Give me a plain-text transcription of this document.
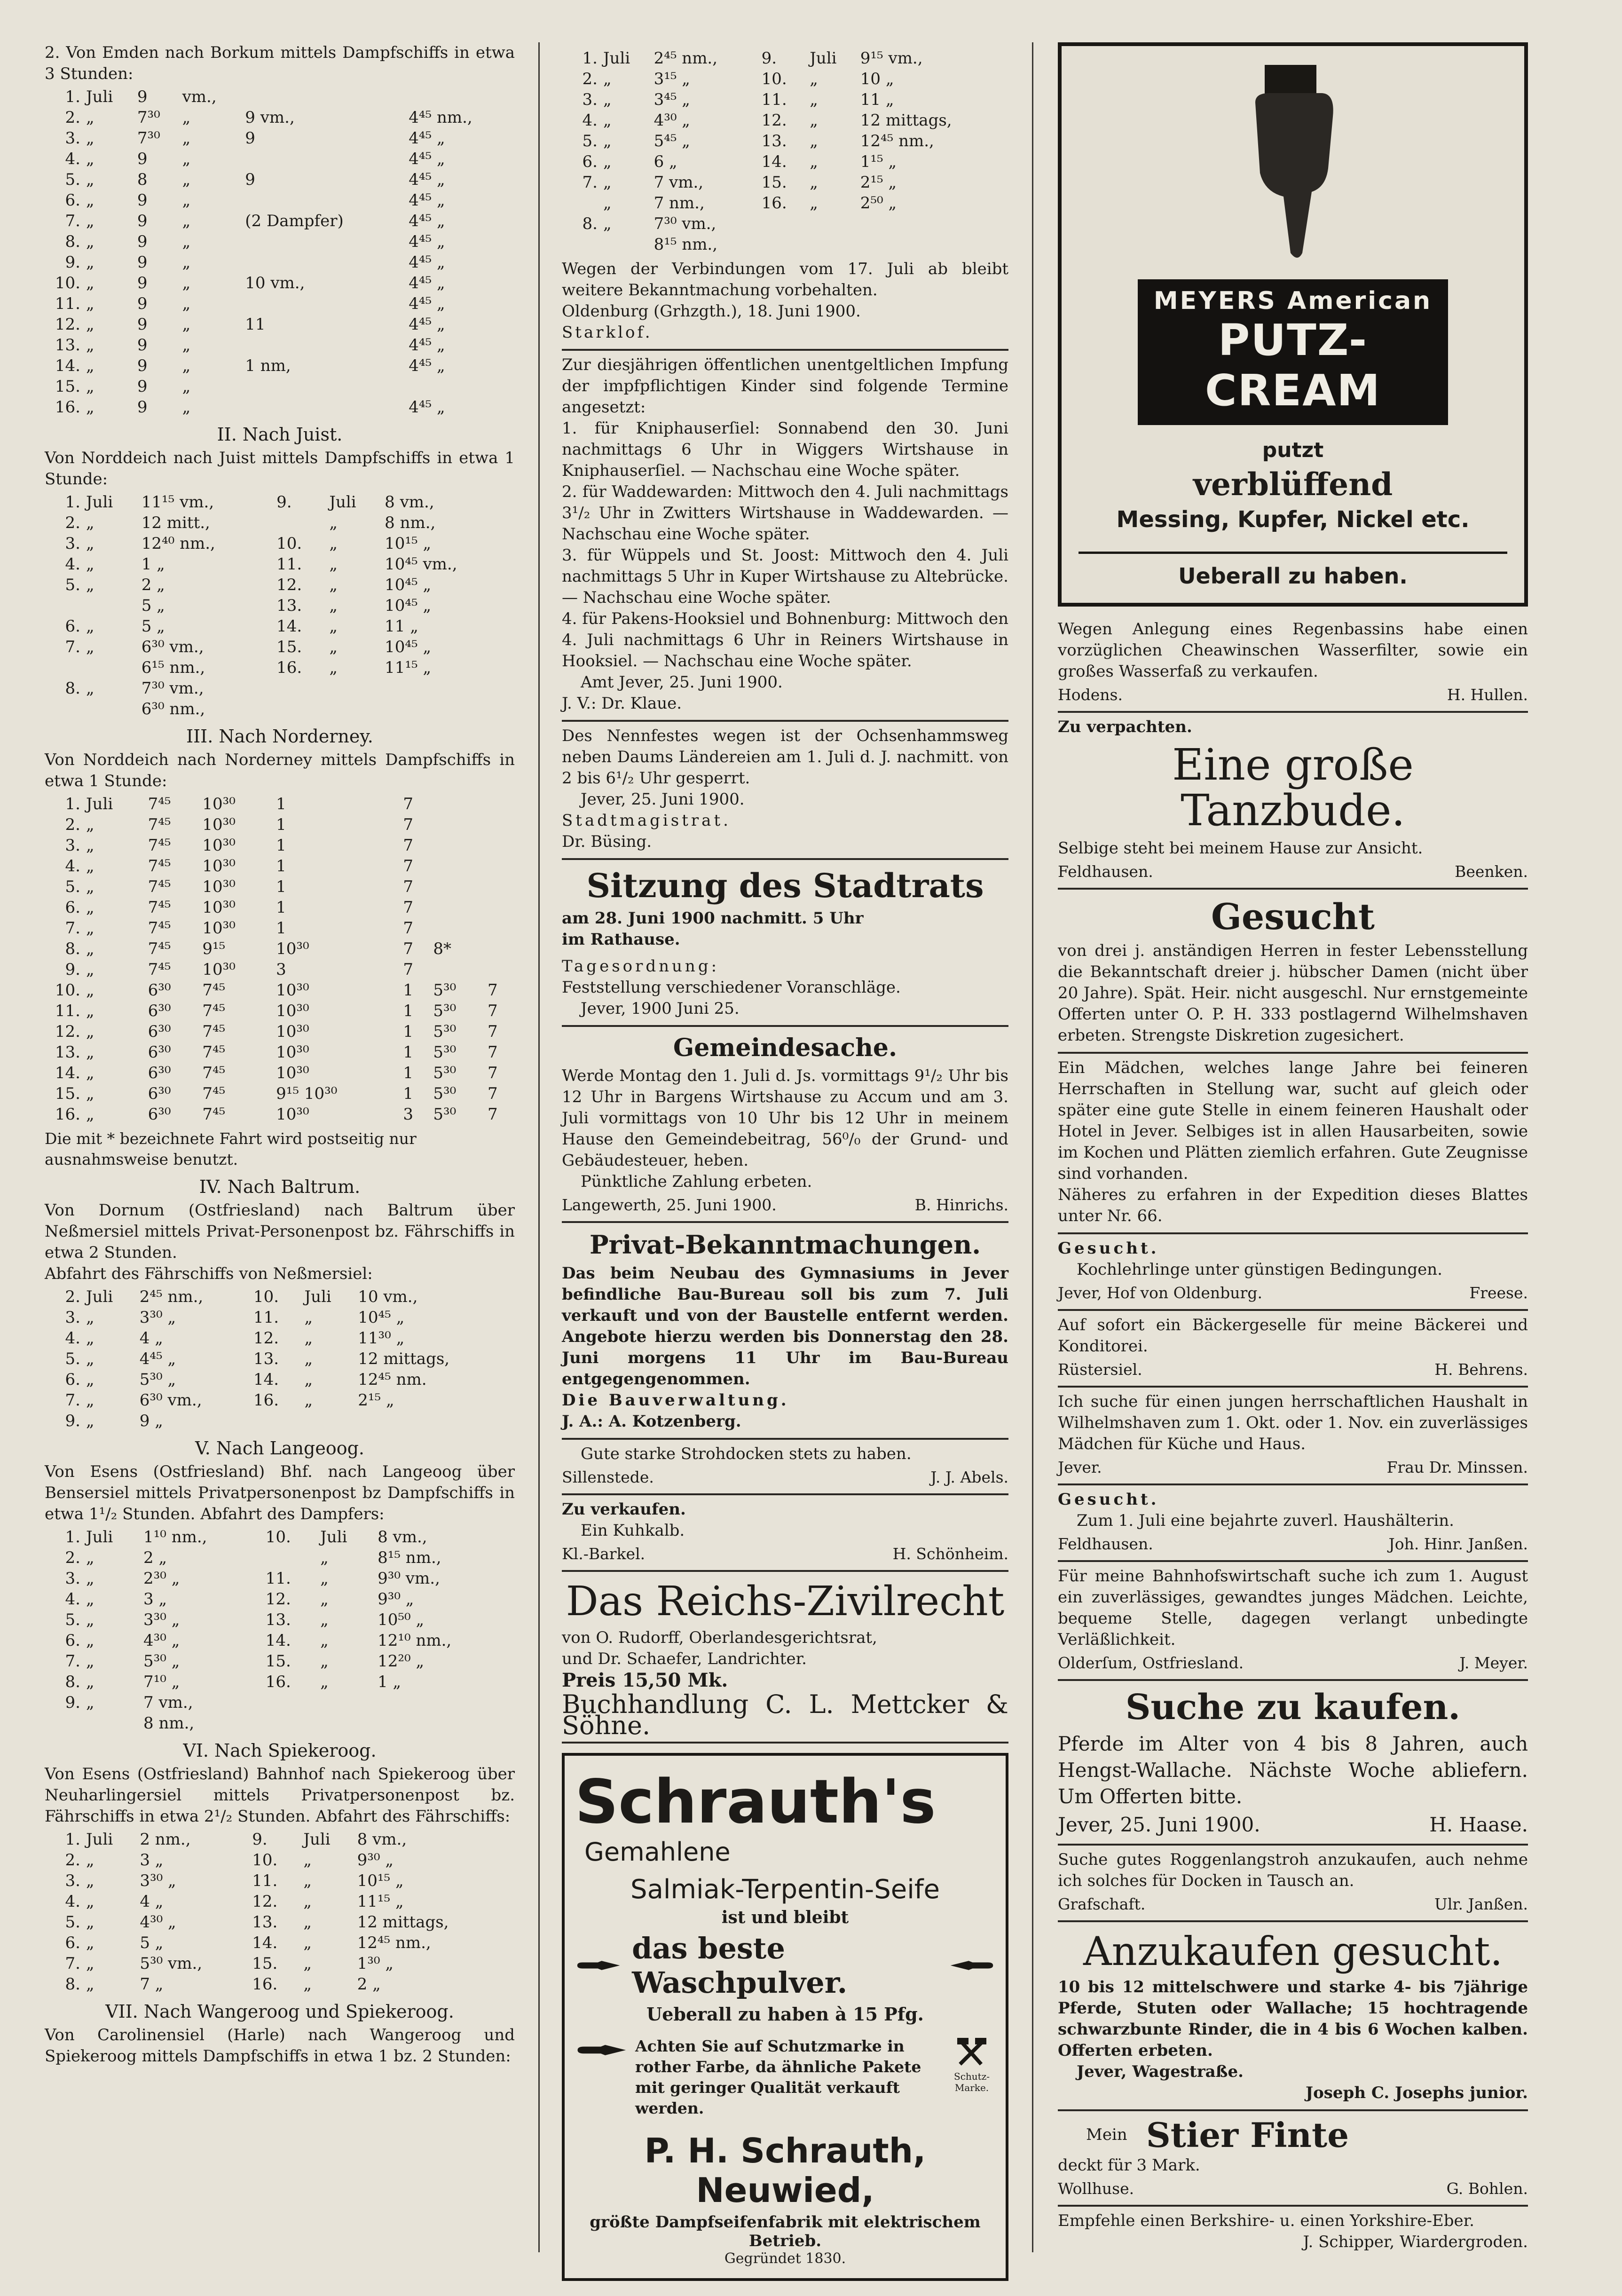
2. Von Emden nach Borkum mittels Dampfschiffs in etwa 3 Stunden:

1.	Juli	9	vm.,		
2.	„	7³⁰	„	9 vm.,	4⁴⁵ nm.,
3.	„	7³⁰	„	9	4⁴⁵ „
4.	„	9	„		4⁴⁵ „
5.	„	8	„	9	4⁴⁵ „
6.	„	9	„		4⁴⁵ „
7.	„	9	„	(2 Dampfer)	4⁴⁵ „
8.	„	9	„		4⁴⁵ „
9.	„	9	„		4⁴⁵ „
10.	„	9	„	10 vm.,	4⁴⁵ „
11.	„	9	„		4⁴⁵ „
12.	„	9	„	11	4⁴⁵ „
13.	„	9	„		4⁴⁵ „
14.	„	9	„	1 nm,	4⁴⁵ „
15.	„	9	„		
16.	„	9	„		4⁴⁵ „
II. Nach Juist.

Von Norddeich nach Juist mittels Dampfschiffs in etwa 1 Stunde:

1.	Juli	11¹⁵ vm.,	9.	Juli	8 vm.,
2.	„	12 mitt.,		„	8 nm.,
3.	„	12⁴⁰ nm.,	10.	„	10¹⁵ „
4.	„	1 „	11.	„	10⁴⁵ vm.,
5.	„	2 „	12.	„	10⁴⁵ „
		5 „	13.	„	10⁴⁵ „
6.	„	5 „	14.	„	11 „
7.	„	6³⁰ vm.,	15.	„	10⁴⁵ „
		6¹⁵ nm.,	16.	„	11¹⁵ „
8.	„	7³⁰ vm.,			
		6³⁰ nm.,			
III. Nach Norderney.

Von Norddeich nach Norderney mittels Dampfschiffs in etwa 1 Stunde:

1.	Juli	7⁴⁵	10³⁰	1	7		
2.	„	7⁴⁵	10³⁰	1	7		
3.	„	7⁴⁵	10³⁰	1	7		
4.	„	7⁴⁵	10³⁰	1	7		
5.	„	7⁴⁵	10³⁰	1	7		
6.	„	7⁴⁵	10³⁰	1	7		
7.	„	7⁴⁵	10³⁰	1	7		
8.	„	7⁴⁵	9¹⁵	10³⁰	7	8*	
9.	„	7⁴⁵	10³⁰	3	7		
10.	„	6³⁰	7⁴⁵	10³⁰	1	5³⁰	7
11.	„	6³⁰	7⁴⁵	10³⁰	1	5³⁰	7
12.	„	6³⁰	7⁴⁵	10³⁰	1	5³⁰	7
13.	„	6³⁰	7⁴⁵	10³⁰	1	5³⁰	7
14.	„	6³⁰	7⁴⁵	10³⁰	1	5³⁰	7
15.	„	6³⁰	7⁴⁵	9¹⁵ 10³⁰	1	5³⁰	7
16.	„	6³⁰	7⁴⁵	10³⁰	3	5³⁰	7

Die mit * bezeichnete Fahrt wird postseitig nur ausnahmsweise benutzt.

IV. Nach Baltrum.

Von Dornum (Ostfriesland) nach Baltrum über Neßmersiel mittels Privat-Personenpost bz. Fährschiffs in etwa 2 Stunden.

Abfahrt des Fährschiffs von Neßmersiel:

2.	Juli	2⁴⁵ nm.,	10.	Juli	10 vm.,
3.	„	3³⁰ „	11.	„	10⁴⁵ „
4.	„	4 „	12.	„	11³⁰ „
5.	„	4⁴⁵ „	13.	„	12 mittags,
6.	„	5³⁰ „	14.	„	12⁴⁵ nm.
7.	„	6³⁰ vm.,	16.	„	2¹⁵ „
9.	„	9 „			
V. Nach Langeoog.

Von Esens (Ostfriesland) Bhf. nach Langeoog über Bensersiel mittels Privatpersonenpost bz Dampfschiffs in etwa 1¹/₂ Stunden. Abfahrt des Dampfers:

1.	Juli	1¹⁰ nm.,	10.	Juli	8 vm.,
2.	„	2 „		„	8¹⁵ nm.,
3.	„	2³⁰ „	11.	„	9³⁰ vm.,
4.	„	3 „	12.	„	9³⁰ „
5.	„	3³⁰ „	13.	„	10⁵⁰ „
6.	„	4³⁰ „	14.	„	12¹⁰ nm.,
7.	„	5³⁰ „	15.	„	12²⁰ „
8.	„	7¹⁰ „	16.	„	1 „
9.	„	7 vm.,			
		8 nm.,			
VI. Nach Spiekeroog.

Von Esens (Ostfriesland) Bahnhof nach Spiekeroog über Neuharlingersiel mittels Privatpersonenpost bz. Fährschiffs in etwa 2¹/₂ Stunden. Abfahrt des Fährschiffs:

1.	Juli	2 nm.,	9.	Juli	8 vm.,
2.	„	3 „	10.	„	9³⁰ „
3.	„	3³⁰ „	11.	„	10¹⁵ „
4.	„	4 „	12.	„	11¹⁵ „
5.	„	4³⁰ „	13.	„	12 mittags,
6.	„	5 „	14.	„	12⁴⁵ nm.,
7.	„	5³⁰ vm.,	15.	„	1³⁰ „
8.	„	7 „	16.	„	2 „
VII. Nach Wangeroog und Spiekeroog.

Von Carolinensiel (Harle) nach Wangeroog und Spiekeroog mittels Dampfschiffs in etwa 1 bz. 2 Stunden:

1.	Juli	2⁴⁵ nm.,	9.	Juli	9¹⁵ vm.,
2.	„	3¹⁵ „	10.	„	10 „
3.	„	3⁴⁵ „	11.	„	11 „
4.	„	4³⁰ „	12.	„	12 mittags,
5.	„	5⁴⁵ „	13.	„	12⁴⁵ nm.,
6.	„	6 „	14.	„	1¹⁵ „
7.	„	7 vm.,	15.	„	2¹⁵ „
	„	7 nm.,	16.	„	2⁵⁰ „
8.	„	7³⁰ vm.,			
		8¹⁵ nm.,			

Wegen der Verbindungen vom 17. Juli ab bleibt weitere Bekanntmachung vorbehalten.

Oldenburg (Grhzgth.), 18. Juni 1900.

Starklof.

Zur diesjährigen öffentlichen unentgeltlichen Impfung der impfpflichtigen Kinder sind folgende Termine angesetzt:

1. für Kniphauserſiel: Sonnabend den 30. Juni nachmittags 6 Uhr in Wiggers Wirtshause in Kniphauserſiel. — Nachschau eine Woche später.

2. für Waddewarden: Mittwoch den 4. Juli nachmittags 3¹/₂ Uhr in Zwitters Wirtshause in Waddewarden. — Nachschau eine Woche später.

3. für Wüppels und St. Joost: Mittwoch den 4. Juli nachmittags 5 Uhr in Kuper Wirtshause zu Altebrücke. — Nachschau eine Woche später.

4. für Pakens-Hooksiel und Bohnenburg: Mittwoch den 4. Juli nachmittags 6 Uhr in Reiners Wirtshause in Hooksiel. — Nachschau eine Woche später.

Amt Jever, 25. Juni 1900.

J. V.: Dr. Klaue.

Des Nennfestes wegen ist der Ochsenhammsweg neben Daums Ländereien am 1. Juli d. J. nachmitt. von 2 bis 6¹/₂ Uhr gesperrt.

Jever, 25. Juni 1900.

Stadtmagistrat.

Dr. Büsing.

Sitzung des Stadtrats

am 28. Juni 1900 nachmitt. 5 Uhr

im Rathause.

Tagesordnung:

Feststellung verschiedener Voranschläge.

Jever, 1900 Juni 25.

Gemeindesache.

Werde Montag den 1. Juli d. Js. vormittags 9¹/₂ Uhr bis 12 Uhr in Bargens Wirtshause zu Accum und am 3. Juli vormittags von 10 Uhr bis 12 Uhr in meinem Hause den Gemeindebeitrag, 56⁰/₀ der Grund- und Gebäudesteuer, heben.

Pünktliche Zahlung erbeten.

Langewerth, 25. Juni 1900.	B. Hinrichs.
Privat-Bekanntmachungen.

Das beim Neubau des Gymnasiums in Jever befindliche Bau-Bureau soll bis zum 7. Juli verkauft und von der Baustelle entfernt werden. Angebote hierzu werden bis Donnerstag den 28. Juni morgens 11 Uhr im Bau-Bureau entgegengenommen.

Die Bauverwaltung.

J. A.: A. Kotzenberg.

Gute starke Strohdocken stets zu haben.

Sillenstede.	J. J. Abels.

Zu verkaufen.

Ein Kuhkalb.

Kl.-Barkel.	H. Schönheim.
Das Reichs-Zivilrecht

von O. Rudorff, Oberlandesgerichtsrat,

und Dr. Schaefer, Landrichter.

Preis 15,50 Mk.

Buchhandlung C. L. Mettcker & Söhne.

Schrauth's Gemahlene
Salmiak-Terpentin-Seife

ist und bleibt

das beste Waschpulver.

Ueberall zu haben à 15 Pfg.

Achten Sie auf Schutzmarke in rother Farbe, da ähnliche Pakete mit geringer Qualität verkauft werden.

Schutz-Marke.
P. H. Schrauth, Neuwied,

größte Dampfseifenfabrik mit elektrischem Betrieb.

Gegründet 1830.

MEYERS American
PUTZ-CREAM
putzt
verblüffend
Messing, Kupfer, Nickel etc.
Ueberall zu haben.

Wegen Anlegung eines Regenbassins habe einen vorzüglichen Cheawinschen Wasserfilter, sowie ein großes Wasserfaß zu verkaufen.

Hodens.	H. Hullen.

Zu verpachten.

Eine große Tanzbude.

Selbige steht bei meinem Hause zur Ansicht.

Feldhausen.	Beenken.
Gesucht

von drei j. anständigen Herren in fester Lebensstellung die Bekanntschaft dreier j. hübscher Damen (nicht über 20 Jahre). Spät. Heir. nicht ausgeschl. Nur ernstgemeinte Offerten unter O. P. H. 333 postlagernd Wilhelmshaven erbeten. Strengste Diskretion zugesichert.

Ein Mädchen, welches lange Jahre bei feineren Herrschaften in Stellung war, sucht auf gleich oder später eine gute Stelle in einem feineren Haushalt oder Hotel in Jever. Selbiges ist in allen Hausarbeiten, sowie im Kochen und Plätten ziemlich erfahren. Gute Zeugnisse sind vorhanden.

Näheres zu erfahren in der Expedition dieses Blattes unter Nr. 66.

Gesucht.

Kochlehrlinge unter günstigen Bedingungen.

Jever, Hof von Oldenburg.	Freese.

Auf sofort ein Bäckergeselle für meine Bäckerei und Konditorei.

Rüstersiel.	H. Behrens.

Ich suche für einen jungen herrschaftlichen Haushalt in Wilhelmshaven zum 1. Okt. oder 1. Nov. ein zuverlässiges Mädchen für Küche und Haus.

Jever.	Frau Dr. Minssen.

Gesucht.

Zum 1. Juli eine bejahrte zuverl. Haushälterin.

Feldhausen.	Joh. Hinr. Janßen.

Für meine Bahnhofswirtschaft suche ich zum 1. August ein zuverlässiges, gewandtes junges Mädchen. Leichte, bequeme Stelle, dagegen verlangt unbedingte Verläßlichkeit.

Olderſum, Ostfriesland.	J. Meyer.
Suche zu kaufen.

Pferde im Alter von 4 bis 8 Jahren, auch Hengst-Wallache. Nächste Woche abliefern. Um Offerten bitte.

Jever, 25. Juni 1900.	H. Haase.

Suche gutes Roggenlangstroh anzukaufen, auch nehme ich solches für Docken in Tausch an.

Grafschaft.	Ulr. Janßen.
Anzukaufen gesucht.

10 bis 12 mittelschwere und starke 4- bis 7jährige Pferde, Stuten oder Wallache; 15 hochtragende schwarzbunte Rinder, die in 4 bis 6 Wochen kalben. Offerten erbeten.

Jever, Wagestraße.

Joseph C. Josephs junior.

Mein Stier Finte

deckt für 3 Mark.

Wollhuse.	G. Bohlen.

Empfehle einen Berkshire- u. einen Yorkshire-Eber.

J. Schipper, Wiardergroden.
